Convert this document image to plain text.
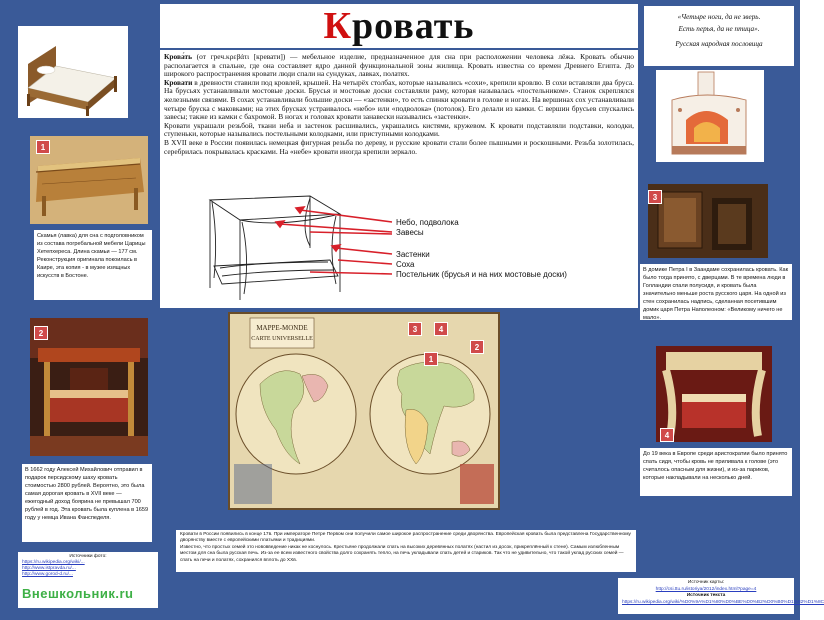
Кровать	«Четыре ноги, да не зверь.
Есть перья, да не птица».
Русская народная пословица
1
Скамья (лавка) для сна с подголовником из состава погребальной мебели Царицы Хетепхереса. Длина скамьи — 177 см. Реконструкция оригинала покоилась в Каире, эта копия - в музее изящных искусств в Бостоне.
2
В 1662 году Алексей Михайлович отправил в подарок персидскому шаху кровать стоимостью 2800 рублей. Вероятно, это была самая дорогая кровать в XVII веке — ежегодный доход боярина не превышал 700 рублей в год. Эта кровать была куплена в 1659 году у немца Ивана Фанспеделя.

Крова́ть (от греч.κρεβάτι [кревати]) — мебельное изделие, предназначенное для сна при расположении человека лёжа. Кровать обычно располагается в спальне, где она составляет ядро данной функциональной зоны жилища. Кровать известна со времен Древнего Египта. До широкого распространения кровати люди спали на сундуках, лавках, полатях.

Кровати в древности ставили под кровлей, крышей. На четырёх столбах, которые назывались «сохи», крепили кровлю. В сохи вставляли два бруса. На брусьях устанавливали мостовые доски. Брусья и мостовые доски составляли раму, которая называлась «постельником». Станок скреплялся железными связями. В сохах устанавливали большие доски — «застенки», то есть спинки кровати в голове и ногах. На вершинах сох устанавливали четыре бруска с маковками; на этих брусках устраивалось «небо» или «подволока» (потолок). Его делали из камки. С вершин брусьев спускались завесы; также из камки с бахромой. В ногах и головах кровати занавески назывались «застенки».

Кровати украшали резьбой, ткани неба и застенок расшивались, украшались кистями, кружевом. К кровати подставляли подставки, колодки, ступеньки, которые назывались постельными колодками, или приступными колодками.

В XVII веке в России появилась немецкая фигурная резьба по дереву, и русские кровати стали более пышными и роскошными. Резьба золотилась, серебрилась покрывалась красками. На «небе» кровати иногда крепили зеркало.

Небо, подволока
Завесы
Застенки
Соха
Постельник (брусья и на них мостовые доски)
MAPPE-MONDE
CARTE UNIVERSELLE
3	4
1
2
3
В домике Петра I в Заандаме сохранилась кровать. Как было тогда принято, с дверцами. В те времена люди в Голландии спали полусидя, и кровать была значительно меньше роста русского царя. На одной из стен сохранилась надпись, сделанная посетившим домик царя Петра Наполеоном: «Великому ничего не мало».
4
До 19 века в Европе среди аристократии было принято спать сидя, чтобы кровь не приливала к голове (это считалось опасным для жизни), и из-за париков, которые накладывали на несколько дней.
Кровати в России появились в конце 17в. При императоре Петре Первом они получили самое широкое распространение среди дворянства. Европейская кровать была представлена Государственному дворянству вместе с европейскими платьями и традициями.
Известно, что простых семей это нововведение никак не коснулось. Крестьяне продолжали спать на высоких деревянных полатях (настил из досок, прикреплённый к стене). Самым излюбленным местом для сна была русская печь. Из-за ее всем известного свойства долго сохранять тепло, на печь укладывали спать детей и стариков. Так что не удивительно, что такой уклад русских семей — спать на печи и полатях, сохранился вплоть до XXв.
Источники фото:
https://ru.wikipedia.org/wiki/...
http://www.istpravda.ru/...
http://www.gorod-d.ru/...
Внешкольник.ru
Источник карты:
http://csi.ttu.ru/istoriya/2012/index.html?page=4
Источник текста
https://ru.wikipedia.org/wiki/%D0%9A%D1%80%D0%BE%D0%B2%D0%B0%D1%82%D1%8C
